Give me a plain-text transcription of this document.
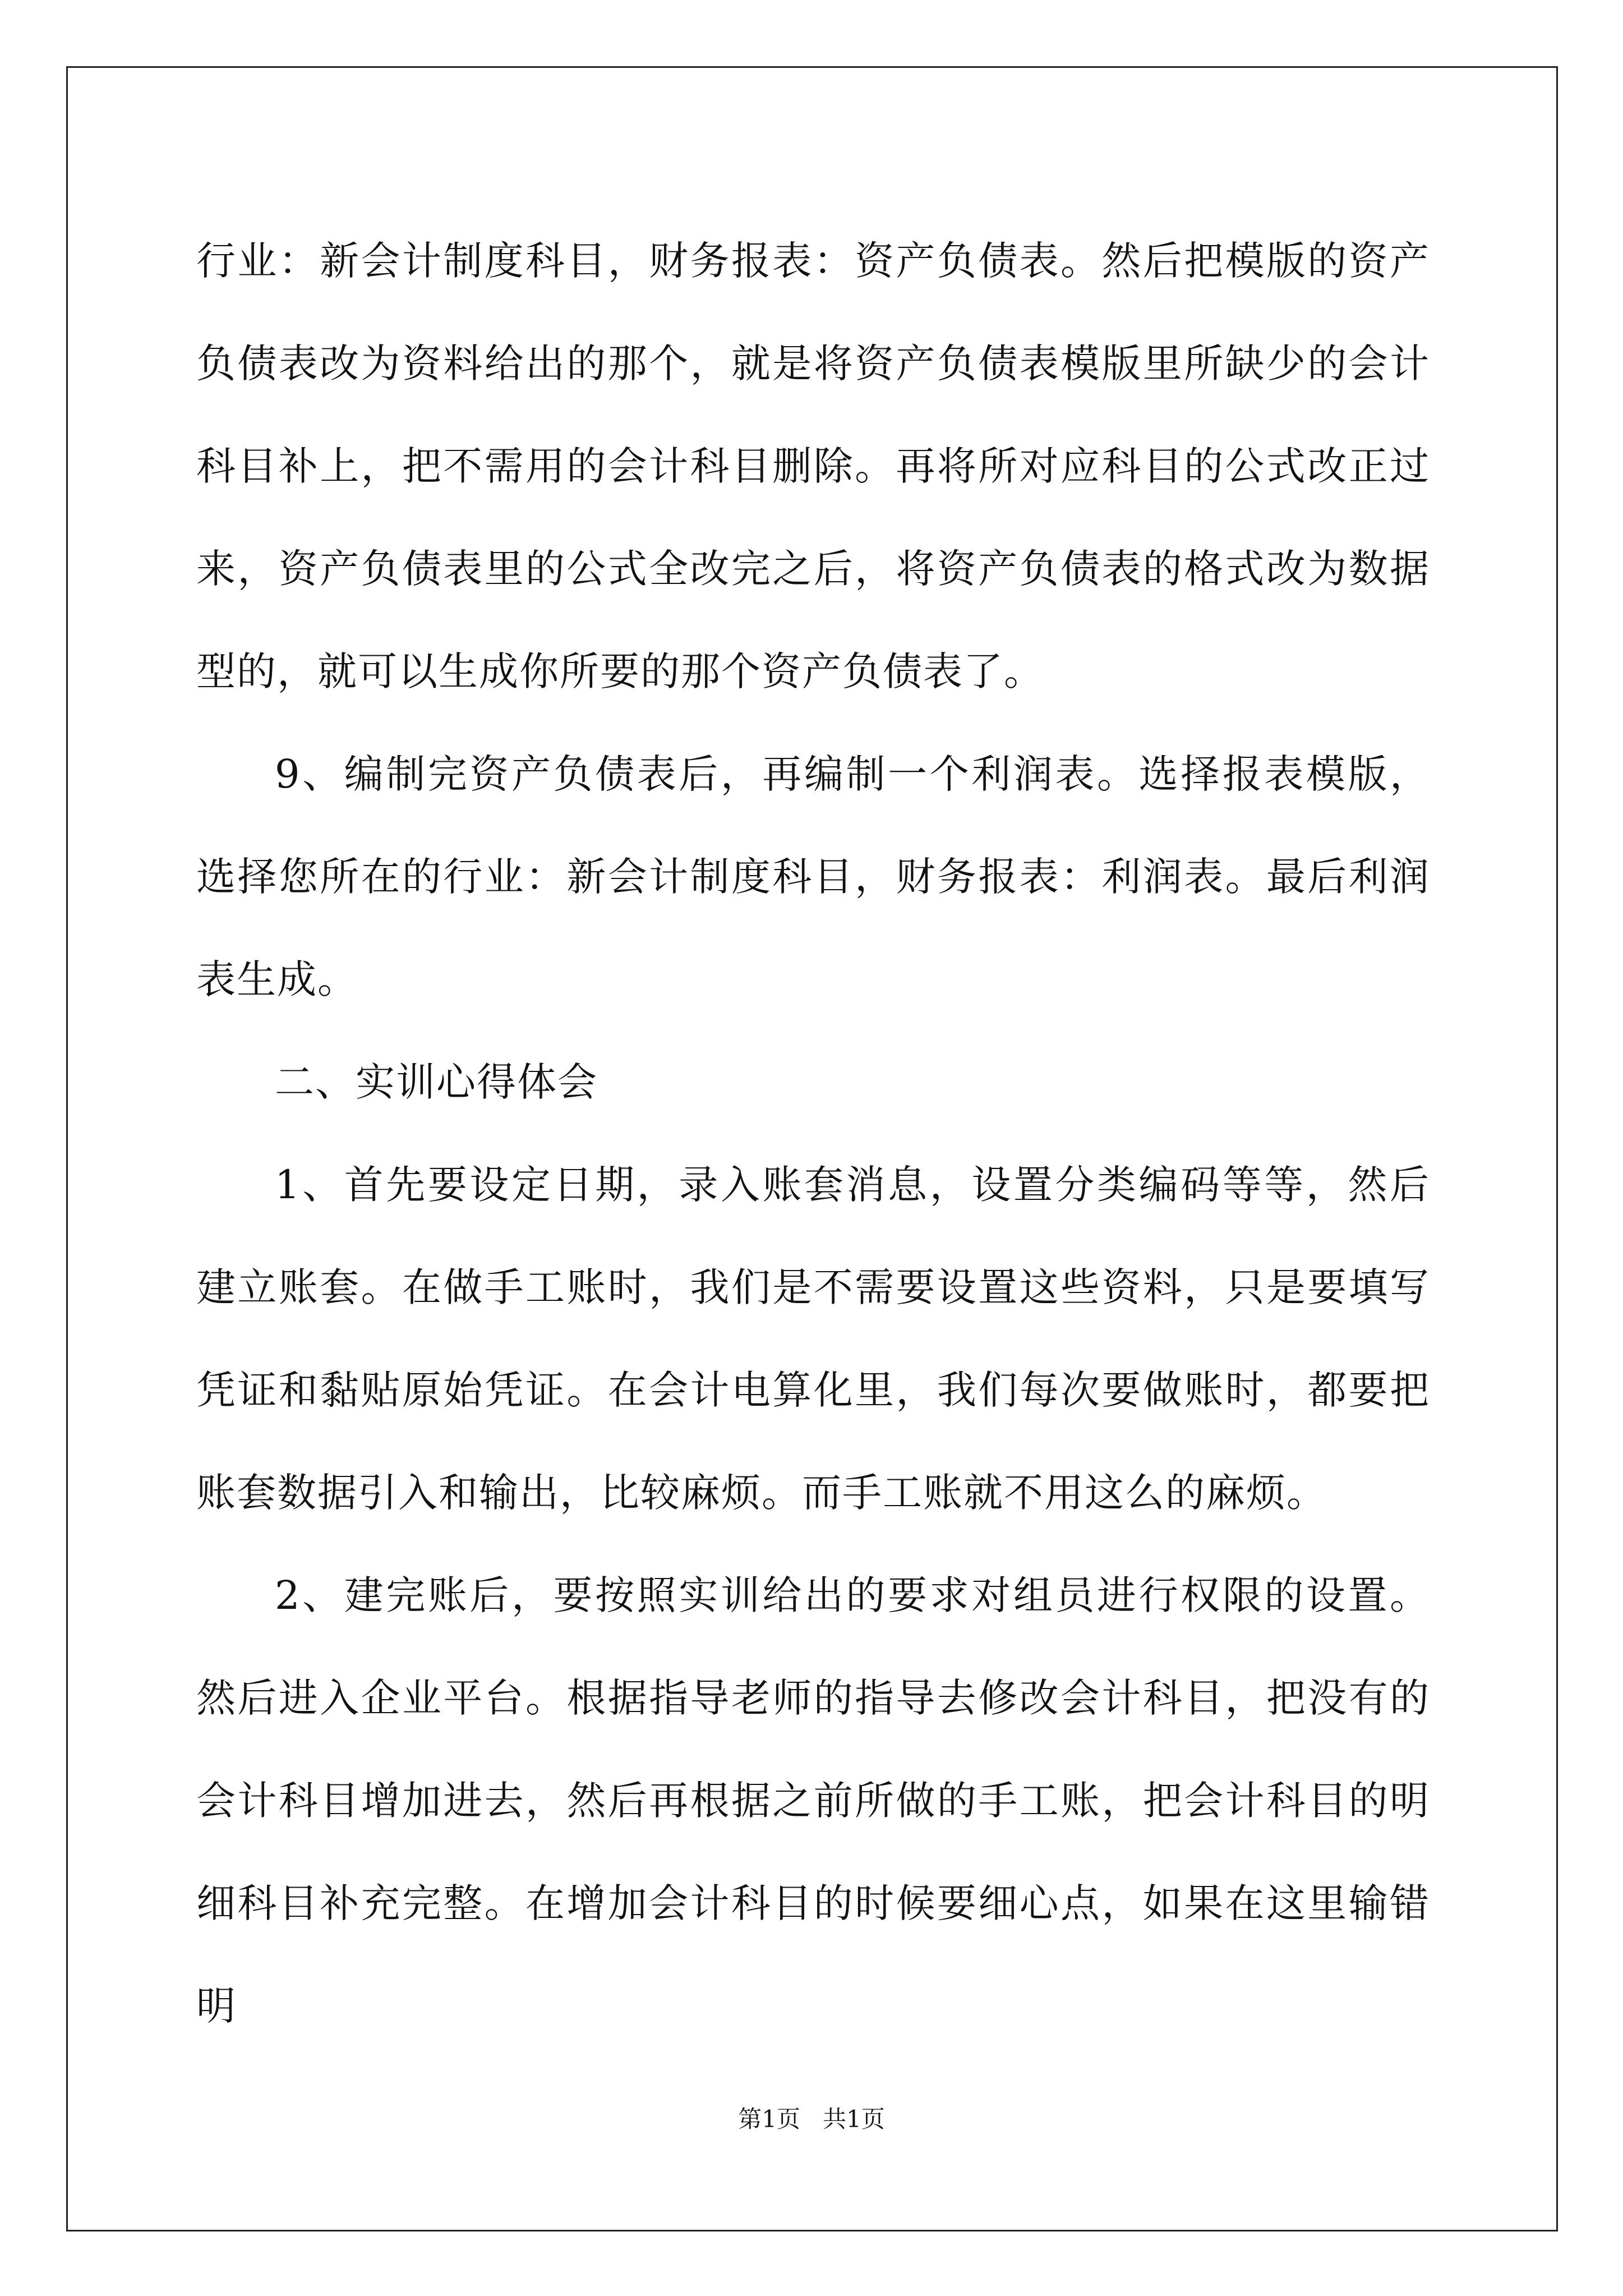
行业：新会计制度科目，财务报表：资产负债表。然后把模版的资产负债表改为资料给出的那个，就是将资产负债表模版里所缺少的会计科目补上，把不需用的会计科目删除。再将所对应科目的公式改正过来，资产负债表里的公式全改完之后，将资产负债表的格式改为数据型的，就可以生成你所要的那个资产负债表了。

9、编制完资产负债表后，再编制一个利润表。选择报表模版，选择您所在的行业：新会计制度科目，财务报表：利润表。最后利润表生成。

二、实训心得体会

1、首先要设定日期，录入账套消息，设置分类编码等等，然后建立账套。在做手工账时，我们是不需要设置这些资料，只是要填写凭证和黏贴原始凭证。在会计电算化里，我们每次要做账时，都要把账套数据引入和输出，比较麻烦。而手工账就不用这么的麻烦。

2、建完账后，要按照实训给出的要求对组员进行权限的设置。然后进入企业平台。根据指导老师的指导去修改会计科目，把没有的会计科目增加进去，然后再根据之前所做的手工账，把会计科目的明细科目补充完整。在增加会计科目的时候要细心点，如果在这里输错明

第1页   共1页
